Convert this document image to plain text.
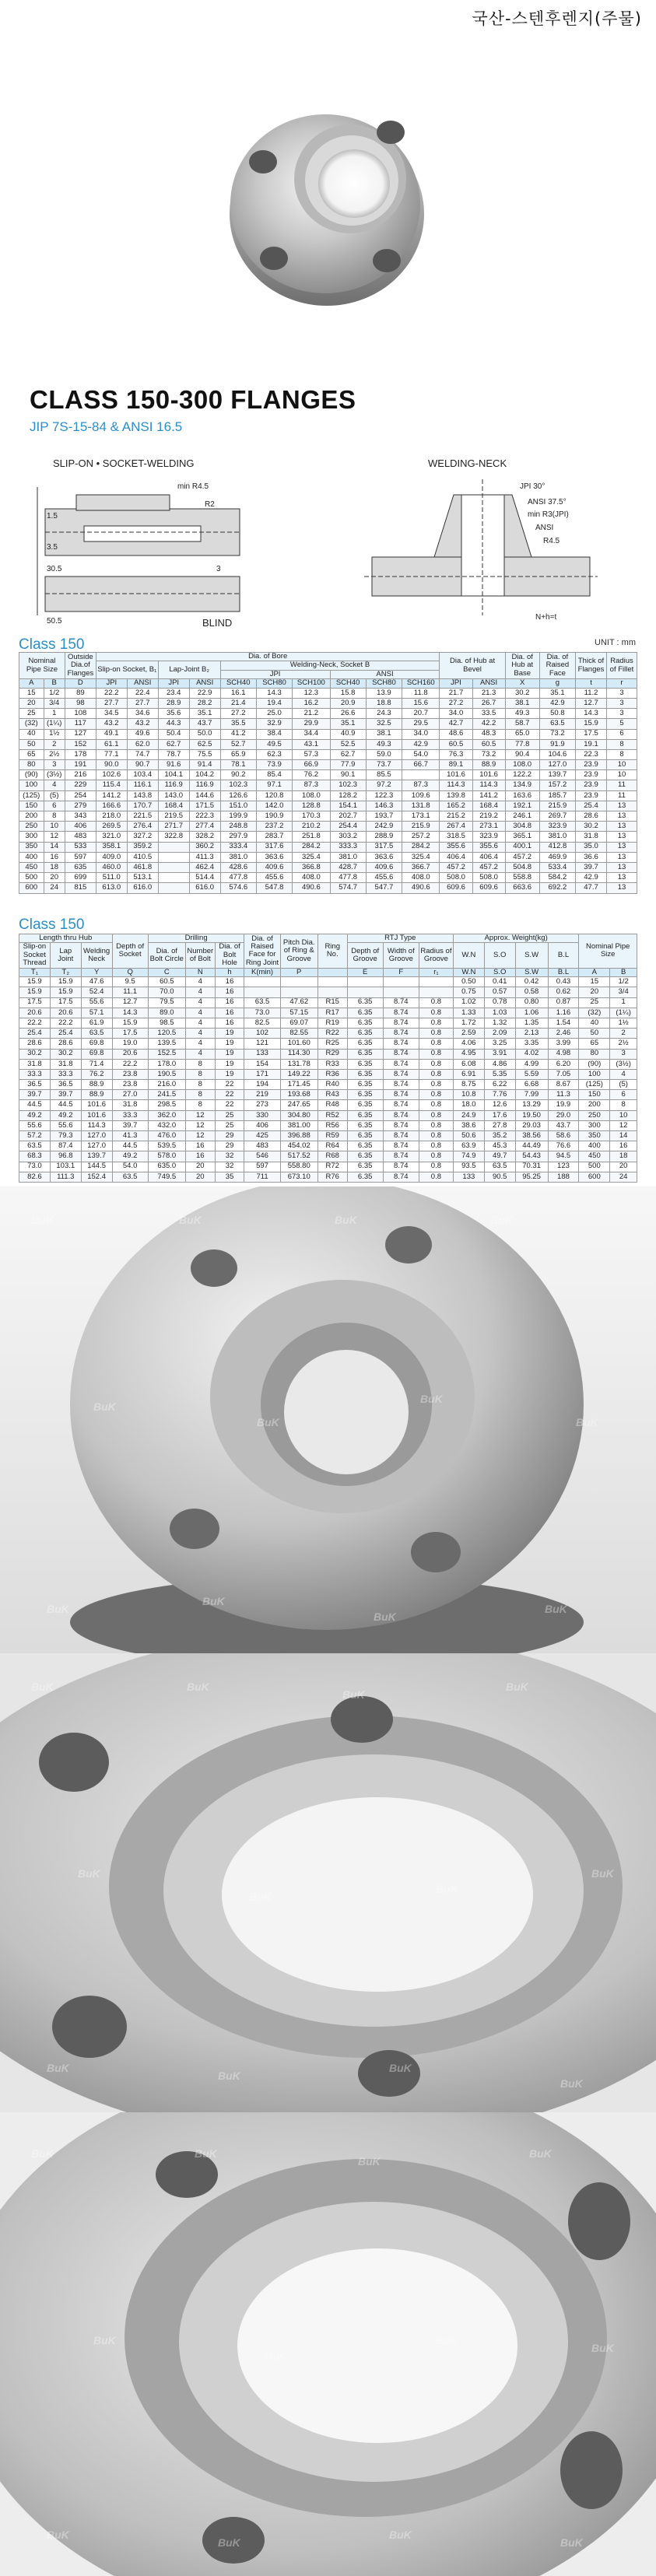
국산-스텐후렌지(주물)
CLASS 150-300 FLANGES
JIP 7S-15-84 & ANSI 16.5
SLIP-ON • SOCKET-WELDING	WELDING-NECK
BLIND
min R4.5
R2
1.5
3.5
30.5
50.5
3
JPI 30°
ANSI 37.5°
min R3(JPI)
ANSI
R4.5
N+h=t
Class 150	UNIT : mm
Nominal Pipe Size		Outside Dia.of Flanges	Dia. of Bore										Dia. of Hub at Bevel		Dia. of Hub at Base	Dia. of Raised Face	Thick of Flanges	Radius of Fillet
			Slip-on Socket, B₁		Lap-Joint B₂		Welding-Neck, Socket B											
							JPI			ANSI								
A	B	D	JPI	ANSI	JPI	ANSI	SCH40	SCH80	SCH100	SCH40	SCH80	SCH160	JPI	ANSI	X	g	t	r
15	1/2	89	22.2	22.4	23.4	22.9	16.1	14.3	12.3	15.8	13.9	11.8	21.7	21.3	30.2	35.1	11.2	3
20	3/4	98	27.7	27.7	28.9	28.2	21.4	19.4	16.2	20.9	18.8	15.6	27.2	26.7	38.1	42.9	12.7	3
25	1	108	34.5	34.6	35.6	35.1	27.2	25.0	21.2	26.6	24.3	20.7	34.0	33.5	49.3	50.8	14.3	3
(32)	(1¼)	117	43.2	43.2	44.3	43.7	35.5	32.9	29.9	35.1	32.5	29.5	42.7	42.2	58.7	63.5	15.9	5
40	1½	127	49.1	49.6	50.4	50.0	41.2	38.4	34.4	40.9	38.1	34.0	48.6	48.3	65.0	73.2	17.5	6
50	2	152	61.1	62.0	62.7	62.5	52.7	49.5	43.1	52.5	49.3	42.9	60.5	60.5	77.8	91.9	19.1	8
65	2½	178	77.1	74.7	78.7	75.5	65.9	62.3	57.3	62.7	59.0	54.0	76.3	73.2	90.4	104.6	22.3	8
80	3	191	90.0	90.7	91.6	91.4	78.1	73.9	66.9	77.9	73.7	66.7	89.1	88.9	108.0	127.0	23.9	10
(90)	(3½)	216	102.6	103.4	104.1	104.2	90.2	85.4	76.2	90.1	85.5		101.6	101.6	122.2	139.7	23.9	10
100	4	229	115.4	116.1	116.9	116.9	102.3	97.1	87.3	102.3	97.2	87.3	114.3	114.3	134.9	157.2	23.9	11
(125)	(5)	254	141.2	143.8	143.0	144.6	126.6	120.8	108.0	128.2	122.3	109.6	139.8	141.2	163.6	185.7	23.9	11
150	6	279	166.6	170.7	168.4	171.5	151.0	142.0	128.8	154.1	146.3	131.8	165.2	168.4	192.1	215.9	25.4	13
200	8	343	218.0	221.5	219.5	222.3	199.9	190.9	170.3	202.7	193.7	173.1	215.2	219.2	246.1	269.7	28.6	13
250	10	406	269.5	276.4	271.7	277.4	248.8	237.2	210.2	254.4	242.9	215.9	267.4	273.1	304.8	323.9	30.2	13
300	12	483	321.0	327.2	322.8	328.2	297.9	283.7	251.8	303.2	288.9	257.2	318.5	323.9	365.1	381.0	31.8	13
350	14	533	358.1	359.2		360.2	333.4	317.6	284.2	333.3	317.5	284.2	355.6	355.6	400.1	412.8	35.0	13
400	16	597	409.0	410.5		411.3	381.0	363.6	325.4	381.0	363.6	325.4	406.4	406.4	457.2	469.9	36.6	13
450	18	635	460.0	461.8		462.4	428.6	409.6	366.8	428.7	409.6	366.7	457.2	457.2	504.8	533.4	39.7	13
500	20	699	511.0	513.1		514.4	477.8	455.6	408.0	477.8	455.6	408.0	508.0	508.0	558.8	584.2	42.9	13
600	24	815	613.0	616.0		616.0	574.6	547.8	490.6	574.7	547.7	490.6	609.6	609.6	663.6	692.2	47.7	13
Class 150
Length thru Hub			Depth of Socket	Drilling			Dia. of Raised Face for Ring Joint	Pitch Dia. of Ring & Groove	Ring No.	RTJ Type			Approx. Weight(kg)				Nominal Pipe Size	
Slip-on Socket Thread	Lap Joint	Welding Neck		Dia. of Bolt Circle	Number of Bolt	Dia. of Bolt Hole				Depth of Groove	Width of Groove	Radius of Groove	W.N	S.O	S.W	B.L		
T₁	T₂	Y	Q	C	N	h	K(min)	P		E	F	r₁	W.N	S.O	S.W	B.L	A	B
15.9	15.9	47.6	9.5	60.5	4	16							0.50	0.41	0.42	0.43	15	1/2
15.9	15.9	52.4	11.1	70.0	4	16							0.75	0.57	0.58	0.62	20	3/4
17.5	17.5	55.6	12.7	79.5	4	16	63.5	47.62	R15	6.35	8.74	0.8	1.02	0.78	0.80	0.87	25	1
20.6	20.6	57.1	14.3	89.0	4	16	73.0	57.15	R17	6.35	8.74	0.8	1.33	1.03	1.06	1.16	(32)	(1¼)
22.2	22.2	61.9	15.9	98.5	4	16	82.5	69.07	R19	6.35	8.74	0.8	1.72	1.32	1.35	1.54	40	1½
25.4	25.4	63.5	17.5	120.5	4	19	102	82.55	R22	6.35	8.74	0.8	2.59	2.09	2.13	2.46	50	2
28.6	28.6	69.8	19.0	139.5	4	19	121	101.60	R25	6.35	8.74	0.8	4.06	3.25	3.35	3.99	65	2½
30.2	30.2	69.8	20.6	152.5	4	19	133	114.30	R29	6.35	8.74	0.8	4.95	3.91	4.02	4.98	80	3
31.8	31.8	71.4	22.2	178.0	8	19	154	131.78	R33	6.35	8.74	0.8	6.08	4.86	4.99	6.20	(90)	(3½)
33.3	33.3	76.2	23.8	190.5	8	19	171	149.22	R36	6.35	8.74	0.8	6.91	5.35	5.59	7.05	100	4
36.5	36.5	88.9	23.8	216.0	8	22	194	171.45	R40	6.35	8.74	0.8	8.75	6.22	6.68	8.67	(125)	(5)
39.7	39.7	88.9	27.0	241.5	8	22	219	193.68	R43	6.35	8.74	0.8	10.8	7.76	7.99	11.3	150	6
44.5	44.5	101.6	31.8	298.5	8	22	273	247.65	R48	6.35	8.74	0.8	18.0	12.6	13.29	19.9	200	8
49.2	49.2	101.6	33.3	362.0	12	25	330	304.80	R52	6.35	8.74	0.8	24.9	17.6	19.50	29.0	250	10
55.6	55.6	114.3	39.7	432.0	12	25	406	381.00	R56	6.35	8.74	0.8	38.6	27.8	29.03	43.7	300	12
57.2	79.3	127.0	41.3	476.0	12	29	425	396.88	R59	6.35	8.74	0.8	50.6	35.2	38.56	58.6	350	14
63.5	87.4	127.0	44.5	539.5	16	29	483	454.02	R64	6.35	8.74	0.8	63.9	45.3	44.49	76.6	400	16
68.3	96.8	139.7	49.2	578.0	16	32	546	517.52	R68	6.35	8.74	0.8	74.9	49.7	54.43	94.5	450	18
73.0	103.1	144.5	54.0	635.0	20	32	597	558.80	R72	6.35	8.74	0.8	93.5	63.5	70.31	123	500	20
82.6	111.3	152.4	63.5	749.5	20	35	711	673.10	R76	6.35	8.74	0.8	133	90.5	95.25	188	600	24
BuK
BuK
BuK
BuK
BuK
BuK
BuK	BuK	BuK	BuK
BuK
BuK
BuK
BuK
BuK
BuK
BuK
BuK
BuK	BuK
BuK
BuK
BuK
BuK
BuK
BuK
BuK
BuK
BuK
BuK
BuK	BuK
BuK
BuK
BuK
BuK
BuK
BuK
BuK
BuK
BuK
BuK
